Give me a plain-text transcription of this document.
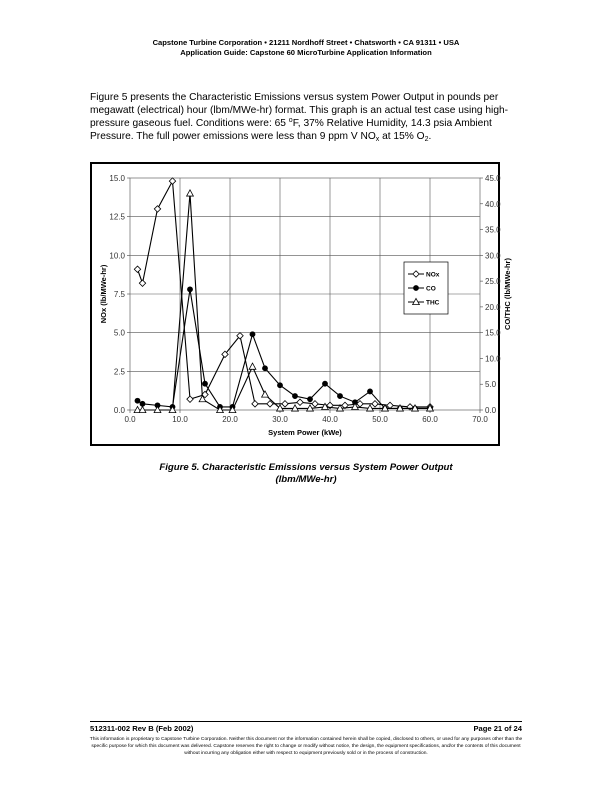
Capstone Turbine Corporation • 21211 Nordhoff Street • Chatsworth • CA 91311 • USA
Application Guide: Capstone 60 MicroTurbine Application Information
Figure 5 presents the Characteristic Emissions versus system Power Output in pounds per megawatt (electrical) hour (lbm/MWe-hr) format. This graph is an actual test case using high-pressure gaseous fuel. Conditions were: 65 $^o$F, 37% Relative Humidity, 14.3 psia Ambient Pressure. The full power emissions were less than 9 ppm V $NO_x$ at 15% $O_2$.
0.0	10.0	20.0	30.0	40.0	50.0	60.0	70.0
0.0
2.5
5.0
7.5
10.0
12.5
15.0
0.0
5.0
10.0
15.0
20.0
25.0
30.0
35.0
40.0
45.0
System Power (kWe)
NOx (lb/MWe-hr)	CO/THC (lb/MWe-hr)
NOx
CO
THC
Figure 5. Characteristic Emissions versus System Power Output
(lbm/MWe-hr)
512311-002 Rev B (Feb 2002)	Page 21 of 24
This information is proprietary to Capstone Turbine Corporation. Neither this document nor the information contained herein shall be copied, disclosed to others, or used for any purposes other than the specific purpose for which this document was delivered. Capstone reserves the right to change or modify without notice, the design, the equipment specifications, and/or the contents of this document without incurring any obligation either with respect to equipment previously sold or in the process of construction.
